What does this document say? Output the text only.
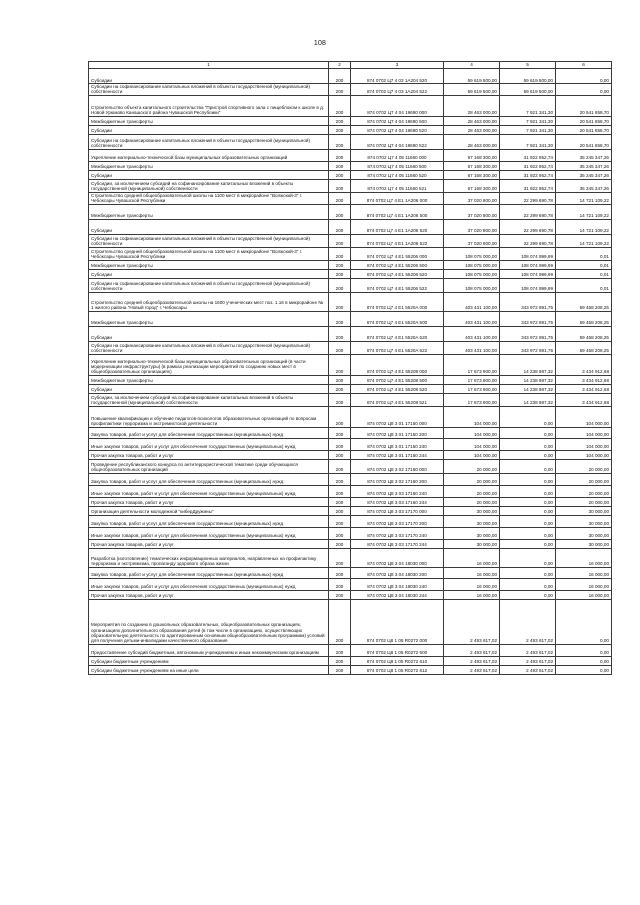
108
1	2	3	4	5	6
Субсидии	200	874 0702 Ц7 4 03 1А204 520	59 619 500,00	59 619 500,00	0,00
Субсидии на софинансирование капитальных вложений в объекты государственной (муниципальной) собственности	200	874 0702 Ц7 4 03 1А204 522	59 619 500,00	59 619 500,00	0,00
Строительство объекта капитального строительства "Пристрой спортивного зала с пищеблоком к школе в д. Новой Урюмово Канашского района Чувашской Республики"	200	874 0702 Ц7 4 04 19690 000	28 463 000,00	7 921 341,30	20 541 658,70
Межбюджетные трансферты	200	874 0702 Ц7 4 04 19690 500	28 463 000,00	7 921 341,30	20 541 658,70
Субсидии	200	874 0702 Ц7 4 04 19690 520	28 463 000,00	7 921 341,30	20 541 658,70
Субсидии на софинансирование капитальных вложений в объекты государственной (муниципальной) собственности	200	874 0702 Ц7 4 04 19690 522	28 463 000,00	7 921 341,30	20 541 658,70
Укрепление материально-технической базы муниципальных образовательных организаций	200	874 0702 Ц7 4 05 11660 000	67 168 300,00	31 922 952,74	35 245 347,26
Межбюджетные трансферты	200	874 0702 Ц7 4 05 11660 500	67 168 300,00	31 922 952,74	35 245 347,26
Субсидии	200	874 0702 Ц7 4 05 11660 520	67 168 300,00	31 922 952,74	35 245 347,26
Субсидии, за исключением субсидий на софинансирование капитальных вложений в объекты государственной (муниципальной) собственности	200	874 0702 Ц7 4 05 11660 521	67 168 300,00	31 922 952,74	35 245 347,26
Строительство средней общеобразовательной школы на 1100 мест в микрорайоне "Волжский-3" г. Чебоксары Чувашской Республики	200	874 0702 Ц7 4 E1 1А206 000	37 020 800,00	22 299 690,78	14 721 109,22
Межбюджетные трансферты	200	874 0702 Ц7 4 E1 1А206 500	37 020 800,00	22 299 690,78	14 721 109,22
Субсидии	200	874 0702 Ц7 4 E1 1А206 520	37 020 800,00	22 299 690,78	14 721 109,22
Субсидии на софинансирование капитальных вложений в объекты государственной (муниципальной) собственности	200	874 0702 Ц7 4 E1 1А206 522	37 020 800,00	22 299 690,78	14 721 109,22
Строительство средней общеобразовательной школы на 1100 мест в микрорайоне "Волжский-3" г. Чебоксары Чувашской Республики	200	874 0702 Ц7 4 E1 55206 000	108 075 000,00	108 074 999,99	0,01
Межбюджетные трансферты	200	874 0702 Ц7 4 E1 55206 500	108 075 000,00	108 074 999,99	0,01
Субсидии	200	874 0702 Ц7 4 E1 55206 520	108 075 000,00	108 074 999,99	0,01
Субсидии на софинансирование капитальных вложений в объекты государственной (муниципальной) собственности	200	874 0702 Ц7 4 E1 55206 522	108 075 000,00	108 074 999,99	0,01
Строительство средней общеобразовательной школы на 1600 ученических мест поз. 1.16 в микрорайоне № 1 жилого района "Новый город" г. Чебоксары	200	874 0702 Ц7 4 E1 5520A 000	403 431 100,00	343 972 891,75	59 458 208,25
Межбюджетные трансферты	200	874 0702 Ц7 4 E1 5520A 500	403 431 100,00	343 972 891,75	59 458 208,25
Субсидии	200	874 0702 Ц7 4 E1 5520A 520	403 431 100,00	343 972 891,75	59 458 208,25
Субсидии на софинансирование капитальных вложений в объекты государственной (муниципальной) собственности	200	874 0702 Ц7 4 E1 5520A 522	403 431 100,00	343 972 891,75	59 458 208,25
Укрепление материально-технической базы муниципальных образовательных организаций (в части модернизации инфраструктуры) (в рамках реализации мероприятий по созданию новых мест в общеобразовательных организациях)	200	874 0702 Ц7 4 E1 55208 000	17 673 900,00	14 238 987,32	3 434 912,68
Межбюджетные трансферты	200	874 0702 Ц7 4 E1 55208 500	17 673 900,00	14 238 987,32	3 434 912,68
Субсидии	200	874 0702 Ц7 4 E1 55208 520	17 673 900,00	14 238 987,32	3 434 912,68
Субсидии, за исключением субсидий на софинансирование капитальных вложений в объекты государственной (муниципальной) собственности	200	874 0702 Ц7 4 E1 55208 521	17 673 900,00	14 238 987,32	3 434 912,68
Повышение квалификации и обучение педагогов-психологов образовательных организаций по вопросам профилактики терроризма и экстремистской деятельности	200	874 0702 Ц8 3 01 17150 000	104 000,00	0,00	104 000,00
Закупка товаров, работ и услуг для обеспечения государственных (муниципальных) нужд	200	874 0702 Ц8 3 01 17150 200	104 000,00	0,00	104 000,00
Иные закупки товаров, работ и услуг для обеспечения государственных (муниципальных) нужд	200	874 0702 Ц8 3 01 17150 240	104 000,00	0,00	104 000,00
Прочая закупка товаров, работ и услуг	200	874 0702 Ц8 3 01 17150 244	104 000,00	0,00	104 000,00
Проведение республиканского конкурса по антитеррористической тематике среди обучающихся общеобразовательных организаций	200	874 0702 Ц8 3 02 17160 000	20 000,00	0,00	20 000,00
Закупка товаров, работ и услуг для обеспечения государственных (муниципальных) нужд	200	874 0702 Ц8 3 02 17160 200	20 000,00	0,00	20 000,00
Иные закупки товаров, работ и услуг для обеспечения государственных (муниципальных) нужд	200	874 0702 Ц8 3 03 17160 240	20 000,00	0,00	20 000,00
Прочая закупка товаров, работ и услуг	200	874 0702 Ц8 3 03 17160 244	20 000,00	0,00	20 000,00
Организация деятельности молодежной "киберДружины"	200	874 0702 Ц8 3 03 17170 000	30 000,00	0,00	30 000,00
Закупка товаров, работ и услуг для обеспечения государственных (муниципальных) нужд	200	874 0702 Ц8 3 03 17170 200	30 000,00	0,00	30 000,00
Иные закупки товаров, работ и услуг для обеспечения государственных (муниципальных) нужд	200	874 0702 Ц8 3 03 17170 240	30 000,00	0,00	30 000,00
Прочая закупка товаров, работ и услуг	200	874 0702 Ц8 3 03 17170 244	30 000,00	0,00	30 000,00
Разработка (изготовление) тематических информационных материалов, направленных на профилактику терроризма и экстремизма, пропаганду здорового образа жизни	200	874 0702 Ц8 3 04 18030 000	16 000,00	0,00	16 000,00
Закупка товаров, работ и услуг для обеспечения государственных (муниципальных) нужд	200	874 0702 Ц8 3 04 18030 200	16 000,00	0,00	16 000,00
Иные закупки товаров, работ и услуг для обеспечения государственных (муниципальных) нужд	200	874 0702 Ц8 3 04 18030 240	16 000,00	0,00	16 000,00
Прочая закупка товаров, работ и услуг	200	874 0702 Ц8 3 04 18030 244	16 000,00	0,00	16 000,00
Мероприятия по созданию в дошкольных образовательных, общеобразовательных организациях, организациях дополнительного образования детей (в том числе в организациях, осуществляющих образовательную деятельность по адаптированным основным общеобразовательным программам) условий для получения детьми-инвалидами качественного образования	200	874 0702 Ц8 1 05 R0272 000	2 493 617,02	2 493 617,02	0,00
Предоставление субсидий бюджетным, автономным учреждениям и иным некоммерческим организациям	200	874 0702 Ц8 1 05 R0272 600	2 493 617,02	2 493 617,02	0,00
Субсидии бюджетным учреждениям	200	874 0702 Ц8 1 05 R0272 610	2 493 617,02	2 493 617,02	0,00
Субсидии бюджетным учреждениям на иные цели	200	874 0702 Ц8 1 05 R0272 612	2 493 617,02	2 493 617,02	0,00
